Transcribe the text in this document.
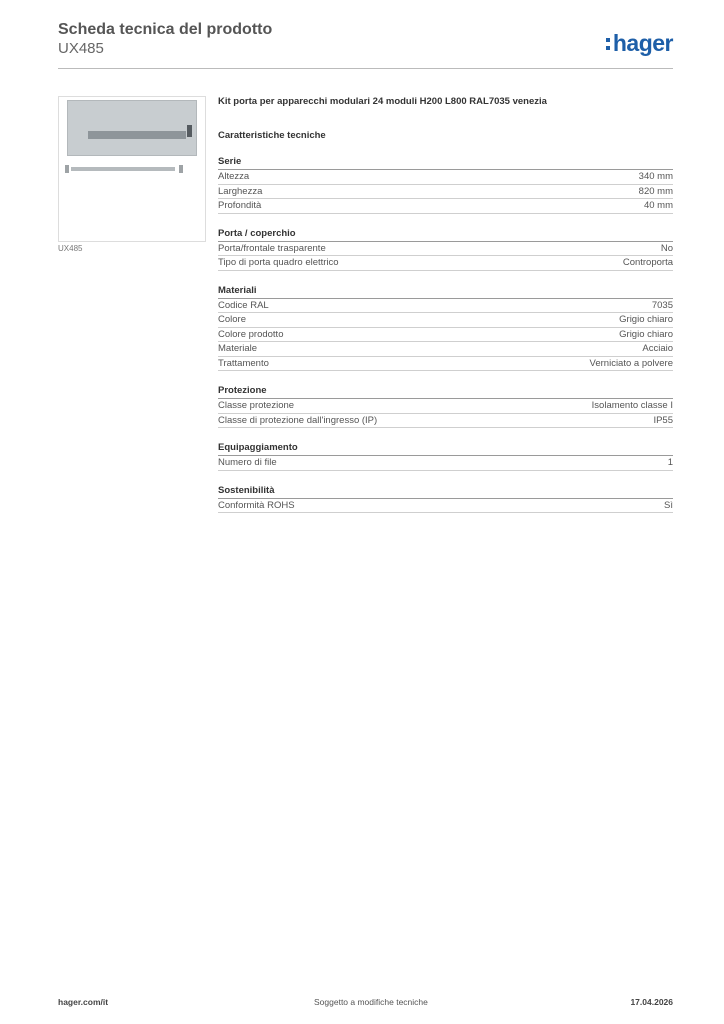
Scheda tecnica del prodotto
UX485	hager
UX485
Kit porta per apparecchi modulari 24 moduli H200 L800 RAL7035 venezia
Caratteristiche tecniche
Serie
Altezza	340 mm
Larghezza	820 mm
Profondità	40 mm
Porta / coperchio
Porta/frontale trasparente	No
Tipo di porta quadro elettrico	Controporta
Materiali
Codice RAL	7035
Colore	Grigio chiaro
Colore prodotto	Grigio chiaro
Materiale	Acciaio
Trattamento	Verniciato a polvere
Protezione
Classe protezione	Isolamento classe I
Classe di protezione dall'ingresso (IP)	IP55
Equipaggiamento
Numero di file	1
Sostenibilità
Conformità ROHS	Sì
hager.com/it	Soggetto a modifiche tecniche	17.04.2026
